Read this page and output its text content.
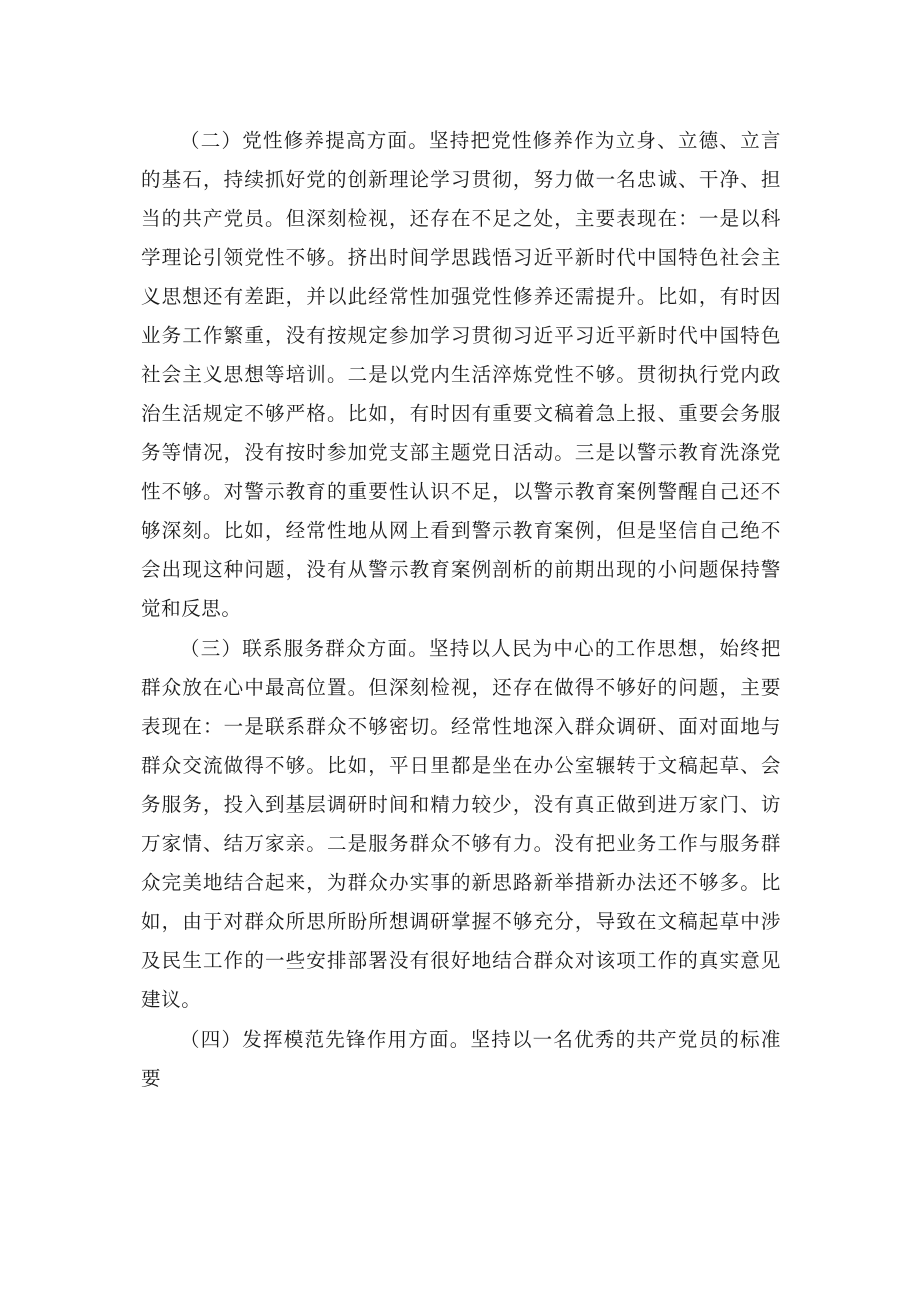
（二）党性修养提高方面。坚持把党性修养作为立身、立德、立言的基石，持续抓好党的创新理论学习贯彻，努力做一名忠诚、干净、担当的共产党员。但深刻检视，还存在不足之处，主要表现在：一是以科学理论引领党性不够。挤出时间学思践悟习近平新时代中国特色社会主义思想还有差距，并以此经常性加强党性修养还需提升。比如，有时因业务工作繁重，没有按规定参加学习贯彻习近平习近平新时代中国特色社会主义思想等培训。二是以党内生活淬炼党性不够。贯彻执行党内政治生活规定不够严格。比如，有时因有重要文稿着急上报、重要会务服务等情况，没有按时参加党支部主题党日活动。三是以警示教育洗涤党性不够。对警示教育的重要性认识不足，以警示教育案例警醒自己还不够深刻。比如，经常性地从网上看到警示教育案例，但是坚信自己绝不会出现这种问题，没有从警示教育案例剖析的前期出现的小问题保持警觉和反思。

（三）联系服务群众方面。坚持以人民为中心的工作思想，始终把群众放在心中最高位置。但深刻检视，还存在做得不够好的问题，主要表现在：一是联系群众不够密切。经常性地深入群众调研、面对面地与群众交流做得不够。比如，平日里都是坐在办公室辗转于文稿起草、会务服务，投入到基层调研时间和精力较少，没有真正做到进万家门、访万家情、结万家亲。二是服务群众不够有力。没有把业务工作与服务群众完美地结合起来，为群众办实事的新思路新举措新办法还不够多。比如，由于对群众所思所盼所想调研掌握不够充分，导致在文稿起草中涉及民生工作的一些安排部署没有很好地结合群众对该项工作的真实意见建议。

（四）发挥模范先锋作用方面。坚持以一名优秀的共产党员的标准要
